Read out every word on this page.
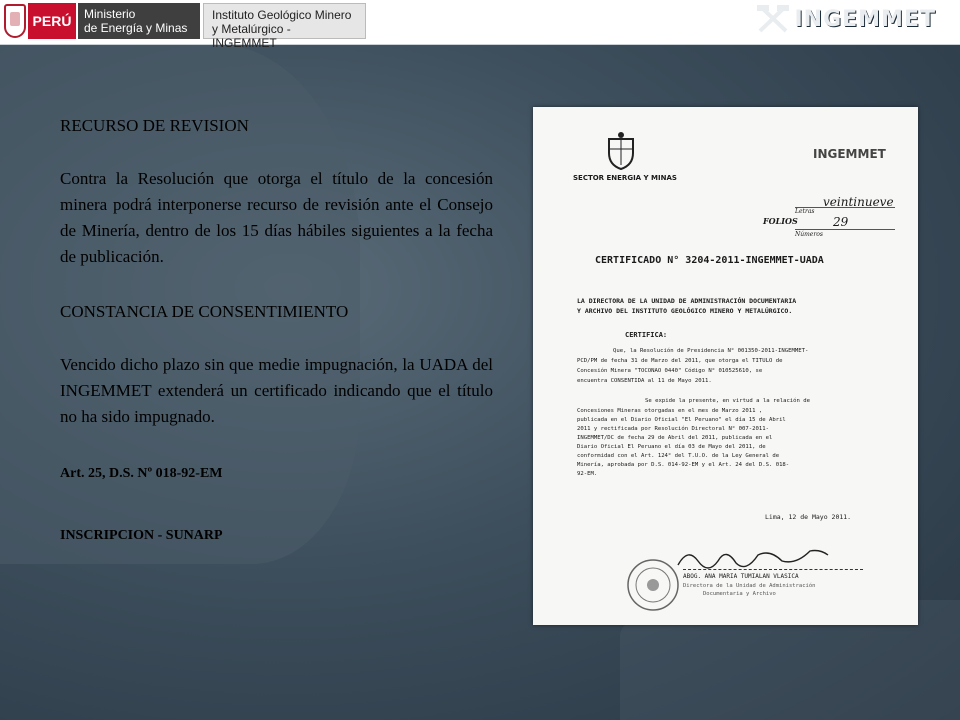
PERÚ	Ministerio
de Energía y Minas
Instituto Geológico Minero
y Metalúrgico - INGEMMET
INGEMMET

RECURSO DE REVISION

Contra la Resolución que otorga el título de la concesión minera podrá interponerse recurso de revisión ante el Consejo de Minería, dentro de los 15 días hábiles siguientes a la fecha de publicación.

CONSTANCIA DE CONSENTIMIENTO

Vencido dicho plazo sin que medie impugnación, la UADA del INGEMMET extenderá un certificado indicando que el título no ha sido impugnado.

Art. 25, D.S. Nº 018-92-EM

INSCRIPCION - SUNARP

SECTOR ENERGIA Y MINAS
INGEMMET
veintinueve
Letras
FOLIOS	29
Números
CERTIFICADO N° 3204-2011-INGEMMET-UADA
LA DIRECTORA DE LA UNIDAD DE ADMINISTRACIÓN DOCUMENTARIA
Y ARCHIVO DEL INSTITUTO GEOLÓGICO MINERO Y METALÚRGICO.
CERTIFICA:
Que, la Resolución de Presidencia N° 001350-2011-INGEMMET-
PCD/PM de fecha 31 de Marzo del 2011, que otorga el TITULO de
Concesión Minera "TOCONAO 0440" Código N° 010525610, se
encuentra CONSENTIDA al 11 de Mayo 2011.
Se expide la presente, en virtud a la relación de
Concesiones Mineras otorgadas en el mes de Marzo 2011 ,
publicada en el Diario Oficial "El Peruano" el día 15 de Abril
2011 y rectificada por Resolución Directoral N° 007-2011-
INGEMMET/DC de fecha 29 de Abril del 2011, publicada en el
Diario Oficial El Peruano el día 03 de Mayo del 2011, de
conformidad con el Art. 124° del T.U.O. de la Ley General de
Minería, aprobada por D.S. 014-92-EM y el Art. 24 del D.S. 018-
92-EM.
Lima, 12 de Mayo 2011.
ABOG. ANA MARIA TUMIALAN VLASICA
Directora de la Unidad de Administración
Documentaria y Archivo
